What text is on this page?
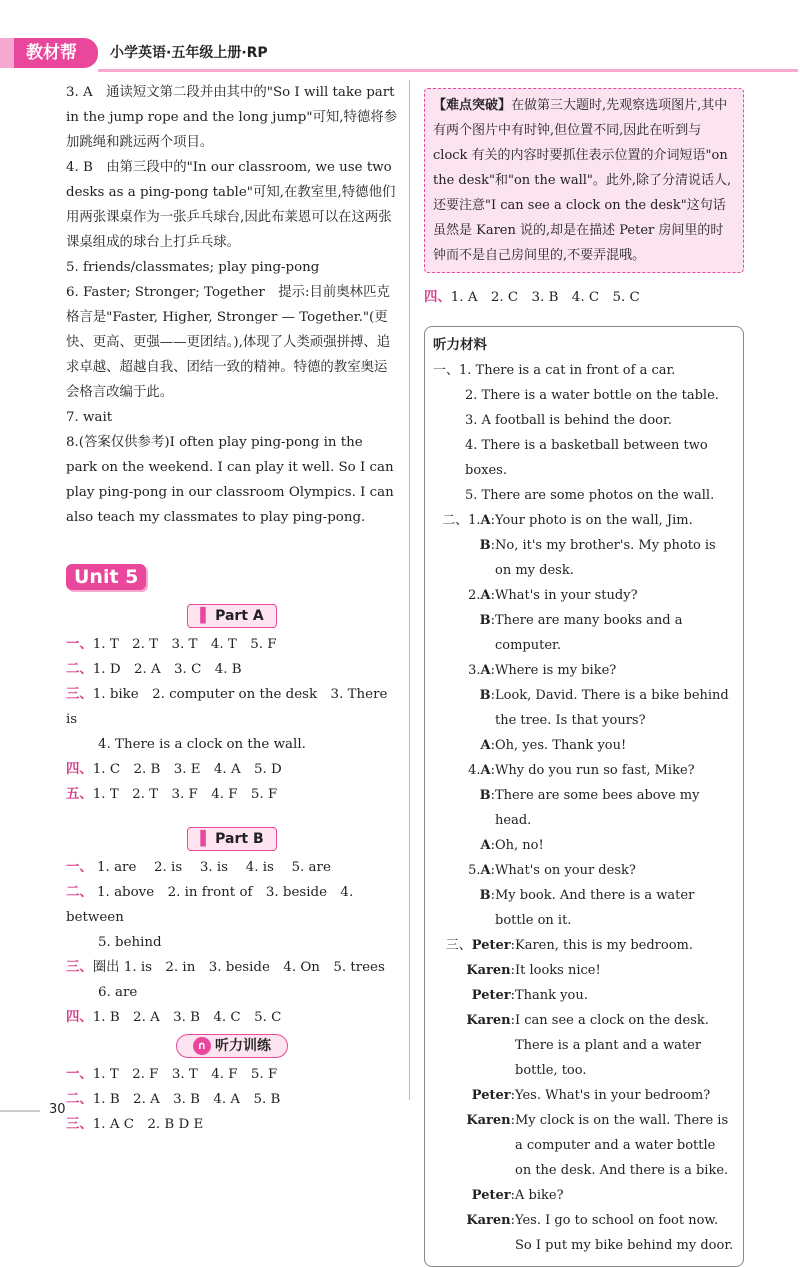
教材帮	小学英语·五年级上册·RP
3. A　通读短文第二段并由其中的"So I will take part in the jump rope and the long jump"可知,特德将参加跳绳和跳远两个项目。
4. B　由第三段中的"In our classroom, we use two desks as a ping-pong table"可知,在教室里,特德他们用两张课桌作为一张乒乓球台,因此布莱恩可以在这两张课桌组成的球台上打乒乓球。
5. friends/classmates; play ping-pong
6. Faster; Stronger; Together　提示:目前奥林匹克格言是"Faster, Higher, Stronger — Together."(更快、更高、更强——更团结。),体现了人类顽强拼搏、追求卓越、超越自我、团结一致的精神。特德的教室奥运会格言改编于此。
7. wait
8.(答案仅供参考)I often play ping-pong in the park on the weekend. I can play it well. So I can play ping-pong in our classroom Olympics. I can also teach my classmates to play ping-pong.
Unit 5
▌ Part A
一、1. T　2. T　3. T　4. T　5. F
二、1. D　2. A　3. C　4. B
三、1. bike　2. computer on the desk　3. There is
4. There is a clock on the wall.
四、1. C　2. B　3. E　4. A　5. D
五、1. T　2. T　3. F　4. F　5. F
▌ Part B
一、 1. are　 2. is　 3. is　 4. is　 5. are
二、 1. above　2. in front of　3. beside　4. between
5. behind
三、圈出 1. is　2. in　3. beside　4. On　5. trees
6. are
四、1. B　2. A　3. B　4. C　5. C
∩ 听力训练
一、1. T　2. F　3. T　4. F　5. F
二、1. B　2. A　3. B　4. A　5. B
三、1. A C　2. B D E
【难点突破】在做第三大题时,先观察选项图片,其中有两个图片中有时钟,但位置不同,因此在听到与 clock 有关的内容时要抓住表示位置的介词短语"on the desk"和"on the wall"。此外,除了分清说话人,还要注意"I can see a clock on the desk"这句话虽然是 Karen 说的,却是在描述 Peter 房间里的时钟而不是自己房间里的,不要弄混哦。
四、1. A　2. C　3. B　4. C　5. C
听力材料
一、1. There is a cat in front of a car.
2. There is a water bottle on the table.
3. A football is behind the door.
4. There is a basketball between two boxes.
5. There are some photos on the wall.
二、1.A: Your photo is on the wall, Jim.
B: No, it's my brother's. My photo is on my desk.
2.A: What's in your study?
B: There are many books and a computer.
3.A: Where is my bike?
B: Look, David. There is a bike behind the tree. Is that yours?
A: Oh, yes. Thank you!
4.A: Why do you run so fast, Mike?
B: There are some bees above my head.
A: Oh, no!
5.A: What's on your desk?
B: My book. And there is a water bottle on it.
三、Peter: Karen, this is my bedroom.
Karen: It looks nice!
Peter: Thank you.
Karen: I can see a clock on the desk. There is a plant and a water bottle, too.
Peter: Yes. What's in your bedroom?
Karen: My clock is on the wall. There is a computer and a water bottle on the desk. And there is a bike.
Peter: A bike?
Karen: Yes. I go to school on foot now. So I put my bike behind my door.
30
